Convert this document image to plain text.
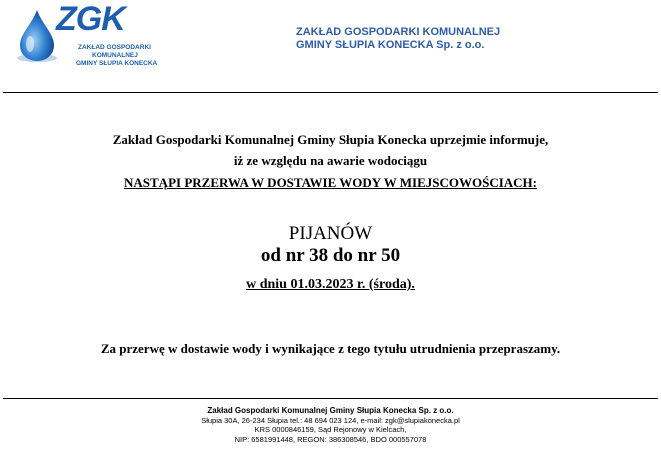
ZGK
ZAKŁAD GOSPODARKI
KOMUNALNEJ
GMINY SŁUPIA KONECKA
ZAKŁAD GOSPODARKI KOMUNALNEJ
GMINY SŁUPIA KONECKA Sp. z o.o.
Zakład Gospodarki Komunalnej Gminy Słupia Konecka uprzejmie informuje,
iż ze względu na awarie wodociągu
NASTĄPI PRZERWA W DOSTAWIE WODY W MIEJSCOWOŚCIACH:
PIJANÓW
od nr 38 do nr 50
w dniu 01.03.2023 r. (środa).
Za przerwę w dostawie wody i wynikające z tego tytułu utrudnienia przepraszamy.
Zakład Gospodarki Komunalnej Gminy Słupia Konecka Sp. z o.o.
Słupia 30A, 26-234 Słupia tel.: 48 694 023 124, e-mail: zgk@slupiakonecka.pl
KRS 0000846159, Sąd Rejonowy w Kielcach,
NIP: 6581991448, REGON: 386308546, BDO 000557078
